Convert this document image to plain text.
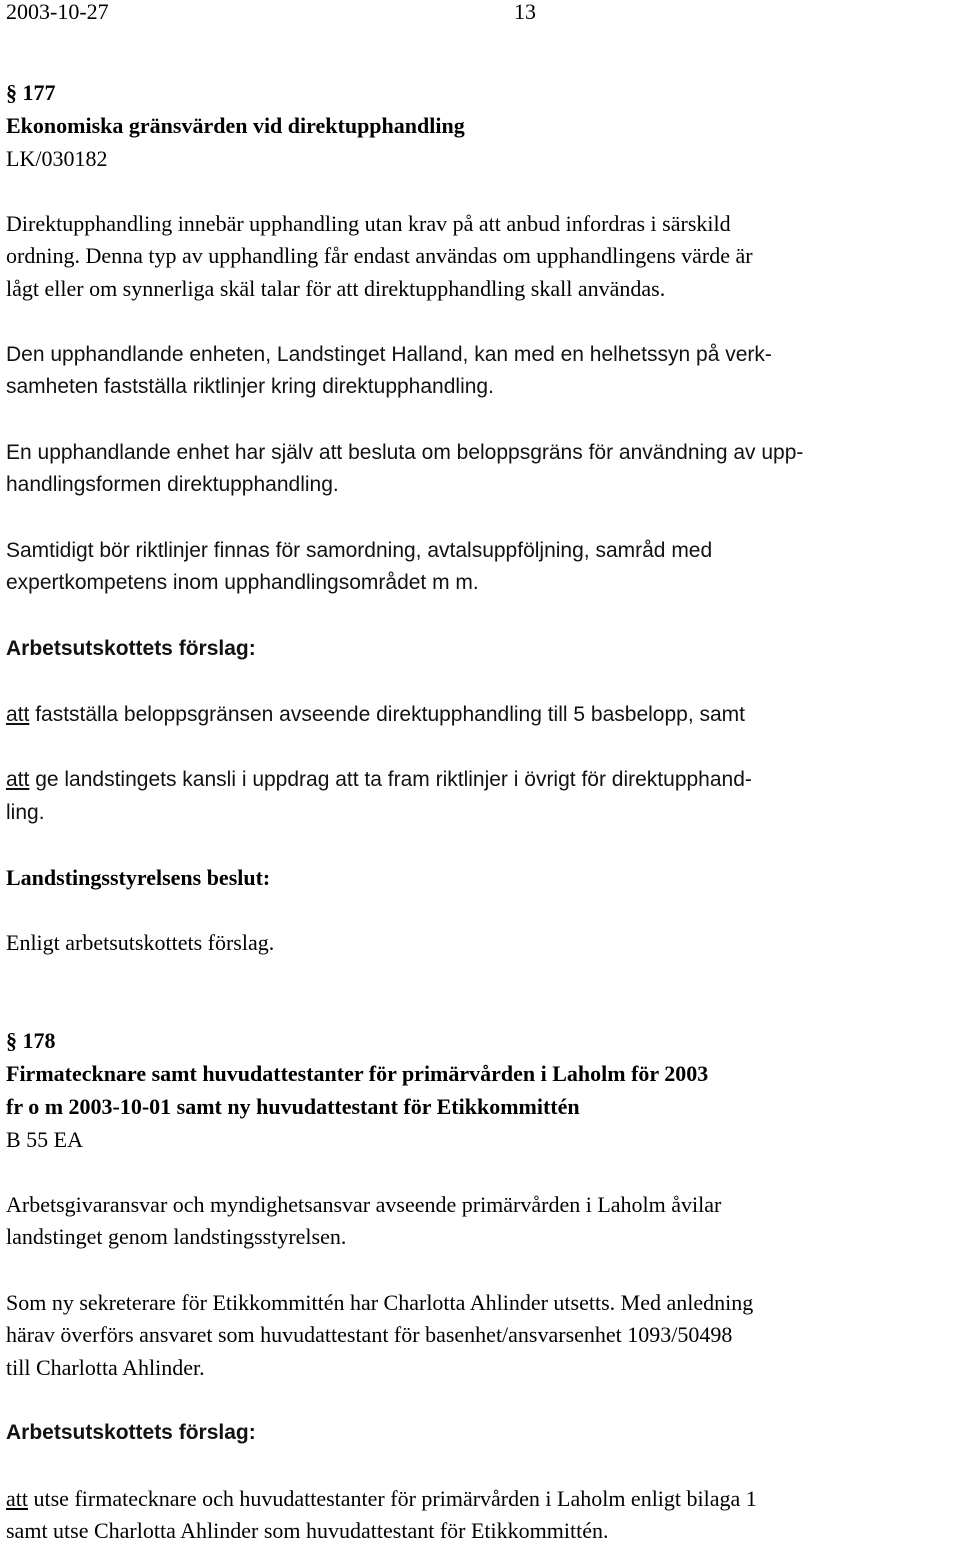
2003-10-27	13
§ 177
Ekonomiska gränsvärden vid direktupphandling
LK/030182
Direktupphandling innebär upphandling utan krav på att anbud infordras i särskild
ordning. Denna typ av upphandling får endast användas om upphandlingens värde är
lågt eller om synnerliga skäl talar för att direktupphandling skall användas.
Den upphandlande enheten, Landstinget Halland, kan med en helhetssyn på verk-
samheten fastställa riktlinjer kring direktupphandling.
En upphandlande enhet har själv att besluta om beloppsgräns för användning av upp-
handlingsformen direktupphandling.
Samtidigt bör riktlinjer finnas för samordning, avtalsuppföljning, samråd med
expertkompetens inom upphandlingsområdet m m.
Arbetsutskottets förslag:
att fastställa beloppsgränsen avseende direktupphandling till 5 basbelopp, samt
att ge landstingets kansli i uppdrag att ta fram riktlinjer i övrigt för direktupphand-
ling.
Landstingsstyrelsens beslut:
Enligt arbetsutskottets förslag.
§ 178
Firmatecknare samt huvudattestanter för primärvården i Laholm för 2003
fr o m 2003-10-01 samt ny huvudattestant för Etikkommittén
B 55 EA
Arbetsgivaransvar och myndighetsansvar avseende primärvården i Laholm åvilar
landstinget genom landstingsstyrelsen.
Som ny sekreterare för Etikkommittén har Charlotta Ahlinder utsetts. Med anledning
härav överförs ansvaret som huvudattestant för basenhet/ansvarsenhet 1093/50498
till Charlotta Ahlinder.
Arbetsutskottets förslag:
att utse firmatecknare och huvudattestanter för primärvården i Laholm enligt bilaga 1
samt utse Charlotta Ahlinder som huvudattestant för Etikkommittén.
